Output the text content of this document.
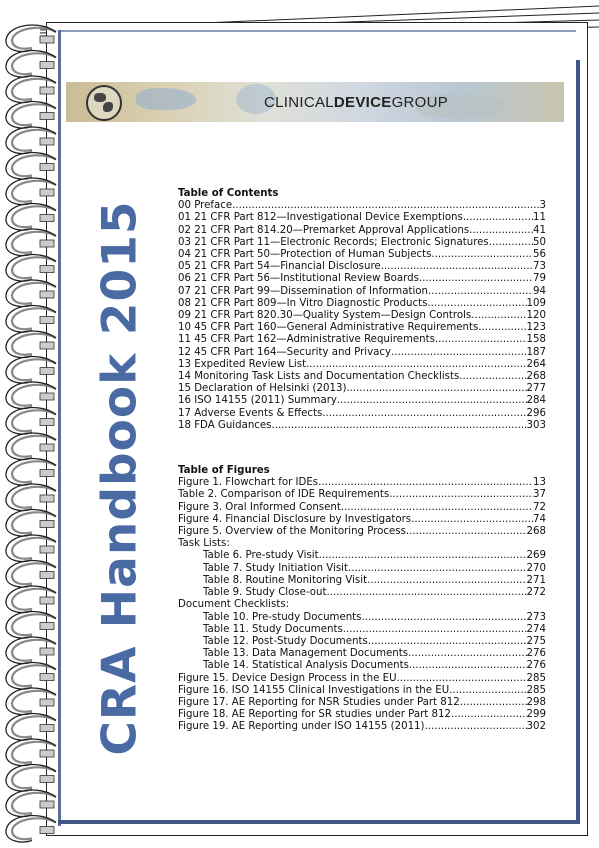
CLINICALDEVICEGROUP
CRA Handbook 2015
Table of Contents
00 Preface .....	3
01 21 CFR Part 812—Investigational Device Exemptions .....	11
02 21 CFR Part 814.20—Premarket Approval Applications .....	41
03 21 CFR Part 11—Electronic Records; Electronic Signatures .....	50
04 21 CFR Part 50—Protection of Human Subjects .....	56
05 21 CFR Part 54—Financial Disclosure .....	73
06 21 CFR Part 56—Institutional Review Boards .....	79
07 21 CFR Part 99—Dissemination of Information .....	94
08 21 CFR Part 809—In Vitro Diagnostic Products .....	109
09 21 CFR Part 820.30—Quality System—Design Controls .....	120
10 45 CFR Part 160—General Administrative Requirements .....	123
11 45 CFR Part 162—Administrative Requirements .....	158
12 45 CFR Part 164—Security and Privacy .....	187
13 Expedited Review List .....	264
14 Monitoring Task Lists and Documentation Checklists .....	268
15 Declaration of Helsinki (2013) .....	277
16 ISO 14155 (2011) Summary .....	284
17 Adverse Events & Effects .....	296
18 FDA Guidances .....	303
Table of Figures
Figure 1. Flowchart for IDEs .....	13
Table 2. Comparison of IDE Requirements .....	37
Figure 3. Oral Informed Consent .....	72
Figure 4. Financial Disclosure by Investigators .....	74
Figure 5. Overview of the Monitoring Process .....	268
Task Lists:
Table 6. Pre-study Visit .....	269
Table 7. Study Initiation Visit .....	270
Table 8. Routine Monitoring Visit .....	271
Table 9. Study Close-out .....	272
Document Checklists:
Table 10. Pre-study Documents .....	273
Table 11. Study Documents .....	274
Table 12. Post-Study Documents .....	275
Table 13. Data Management Documents .....	276
Table 14. Statistical Analysis Documents .....	276
Figure 15. Device Design Process in the EU .....	285
Figure 16. ISO 14155 Clinical Investigations in the EU .....	285
Figure 17. AE Reporting for NSR Studies under Part 812 .....	298
Figure 18. AE Reporting for SR studies under Part 812 .....	299
Figure 19. AE Reporting under ISO 14155 (2011) .....	302
